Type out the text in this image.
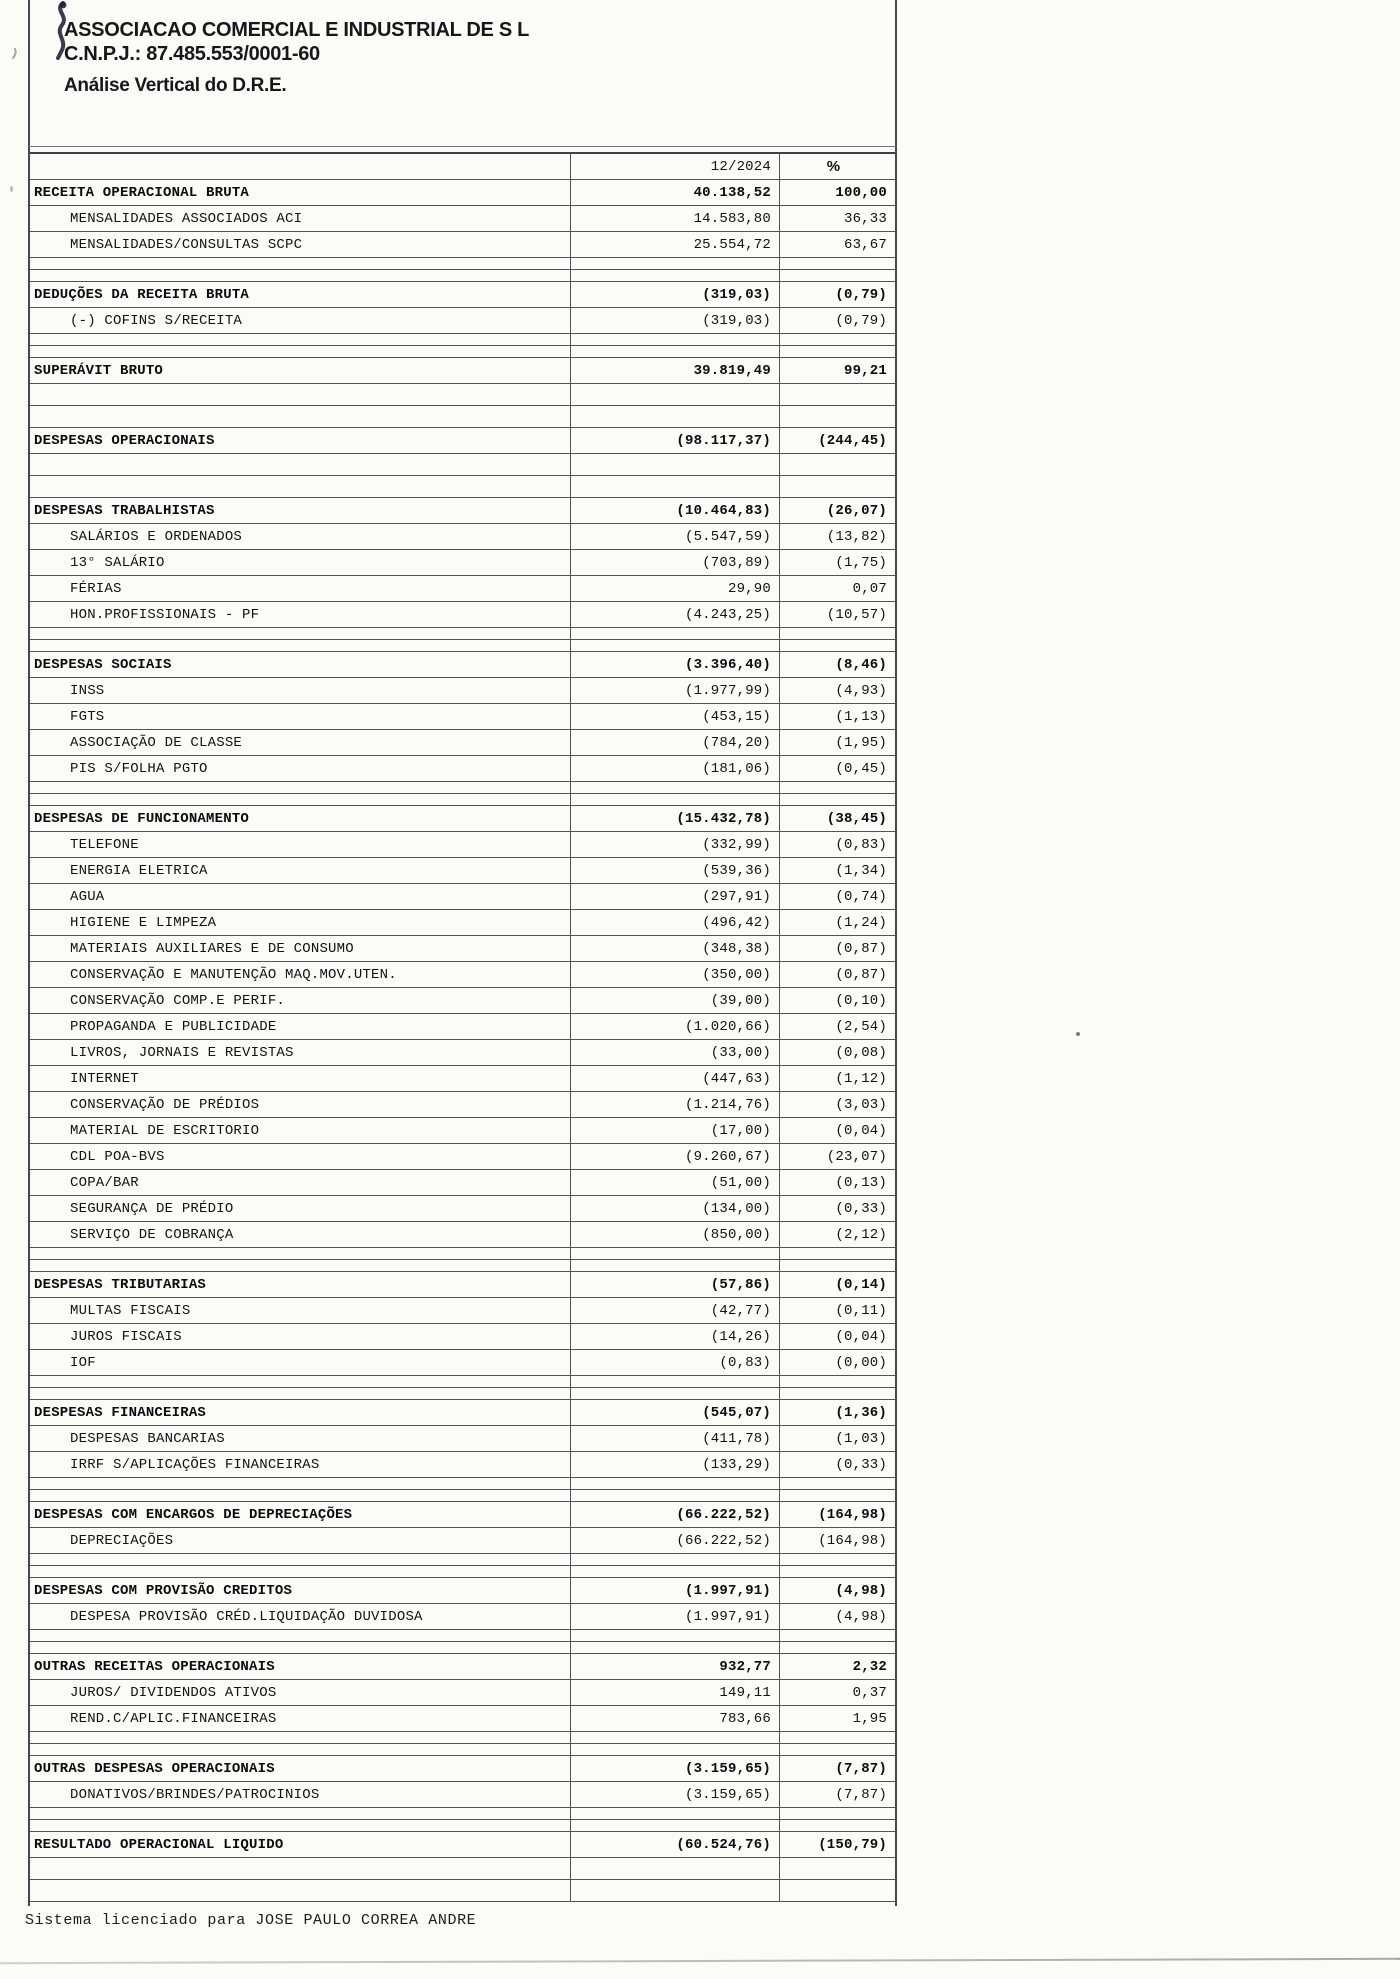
ASSOCIACAO COMERCIAL E INDUSTRIAL DE S L
C.N.P.J.: 87.485.553/0001-60
Análise Vertical do D.R.E.
12/2024	%
RECEITA OPERACIONAL BRUTA	40.138,52	100,00
MENSALIDADES ASSOCIADOS ACI	14.583,80	36,33
MENSALIDADES/CONSULTAS SCPC	25.554,72	63,67
DEDUÇÕES DA RECEITA BRUTA	(319,03)	(0,79)
(-) COFINS S/RECEITA	(319,03)	(0,79)
SUPERÁVIT BRUTO	39.819,49	99,21
DESPESAS OPERACIONAIS	(98.117,37)	(244,45)
DESPESAS TRABALHISTAS	(10.464,83)	(26,07)
SALÁRIOS E ORDENADOS	(5.547,59)	(13,82)
13° SALÁRIO	(703,89)	(1,75)
FÉRIAS	29,90	0,07
HON.PROFISSIONAIS - PF	(4.243,25)	(10,57)
DESPESAS SOCIAIS	(3.396,40)	(8,46)
INSS	(1.977,99)	(4,93)
FGTS	(453,15)	(1,13)
ASSOCIAÇÃO DE CLASSE	(784,20)	(1,95)
PIS S/FOLHA PGTO	(181,06)	(0,45)
DESPESAS DE FUNCIONAMENTO	(15.432,78)	(38,45)
TELEFONE	(332,99)	(0,83)
ENERGIA ELETRICA	(539,36)	(1,34)
AGUA	(297,91)	(0,74)
HIGIENE E LIMPEZA	(496,42)	(1,24)
MATERIAIS AUXILIARES E DE CONSUMO	(348,38)	(0,87)
CONSERVAÇÃO E MANUTENÇÃO MAQ.MOV.UTEN.	(350,00)	(0,87)
CONSERVAÇÃO COMP.E PERIF.	(39,00)	(0,10)
PROPAGANDA E PUBLICIDADE	(1.020,66)	(2,54)
LIVROS, JORNAIS E REVISTAS	(33,00)	(0,08)
INTERNET	(447,63)	(1,12)
CONSERVAÇÃO DE PRÉDIOS	(1.214,76)	(3,03)
MATERIAL DE ESCRITORIO	(17,00)	(0,04)
CDL POA-BVS	(9.260,67)	(23,07)
COPA/BAR	(51,00)	(0,13)
SEGURANÇA DE PRÉDIO	(134,00)	(0,33)
SERVIÇO DE COBRANÇA	(850,00)	(2,12)
DESPESAS TRIBUTARIAS	(57,86)	(0,14)
MULTAS FISCAIS	(42,77)	(0,11)
JUROS FISCAIS	(14,26)	(0,04)
IOF	(0,83)	(0,00)
DESPESAS FINANCEIRAS	(545,07)	(1,36)
DESPESAS BANCARIAS	(411,78)	(1,03)
IRRF S/APLICAÇÕES FINANCEIRAS	(133,29)	(0,33)
DESPESAS COM ENCARGOS DE DEPRECIAÇÕES	(66.222,52)	(164,98)
DEPRECIAÇÕES	(66.222,52)	(164,98)
DESPESAS COM PROVISÃO CREDITOS	(1.997,91)	(4,98)
DESPESA PROVISÃO CRÉD.LIQUIDAÇÃO DUVIDOSA	(1.997,91)	(4,98)
OUTRAS RECEITAS OPERACIONAIS	932,77	2,32
JUROS/ DIVIDENDOS ATIVOS	149,11	0,37
REND.C/APLIC.FINANCEIRAS	783,66	1,95
OUTRAS DESPESAS OPERACIONAIS	(3.159,65)	(7,87)
DONATIVOS/BRINDES/PATROCINIOS	(3.159,65)	(7,87)
RESULTADO OPERACIONAL LIQUIDO	(60.524,76)	(150,79)
Sistema licenciado para JOSE PAULO CORREA ANDRE
